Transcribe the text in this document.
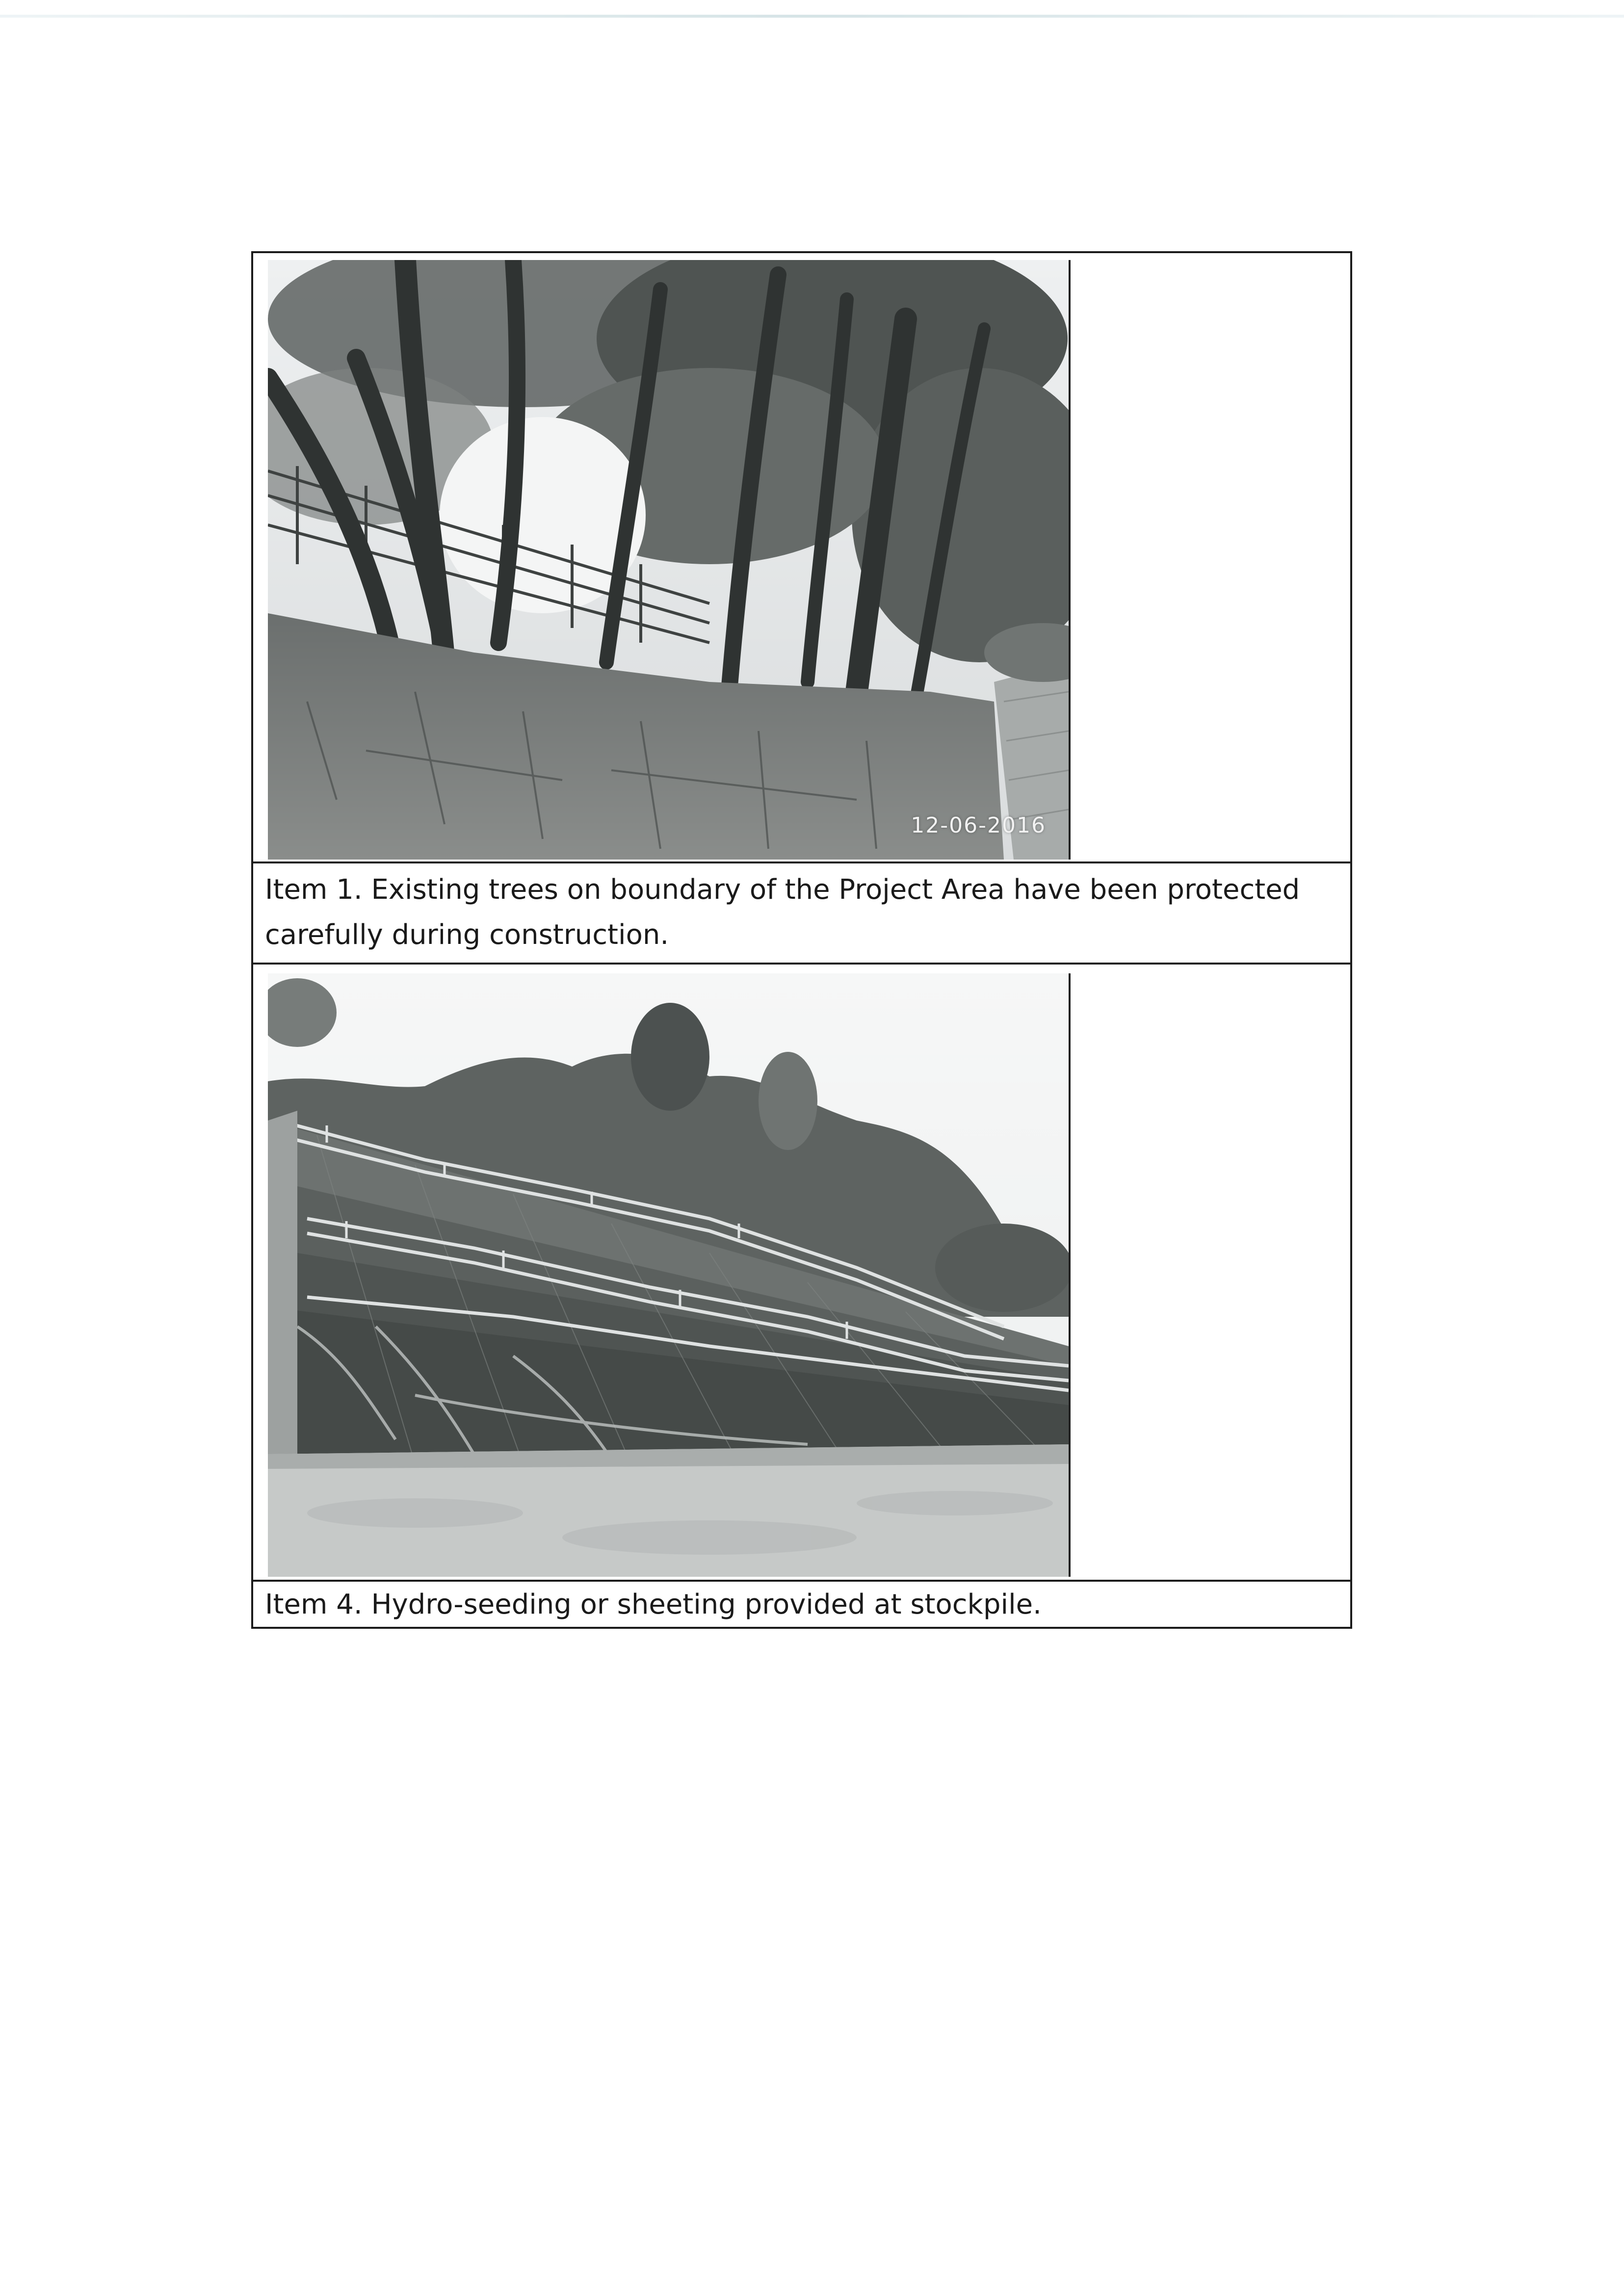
12-06-2016

Item 1. Existing trees on boundary of the Project Area have been protected carefully during construction.

Item 4. Hydro-seeding or sheeting provided at stockpile.
